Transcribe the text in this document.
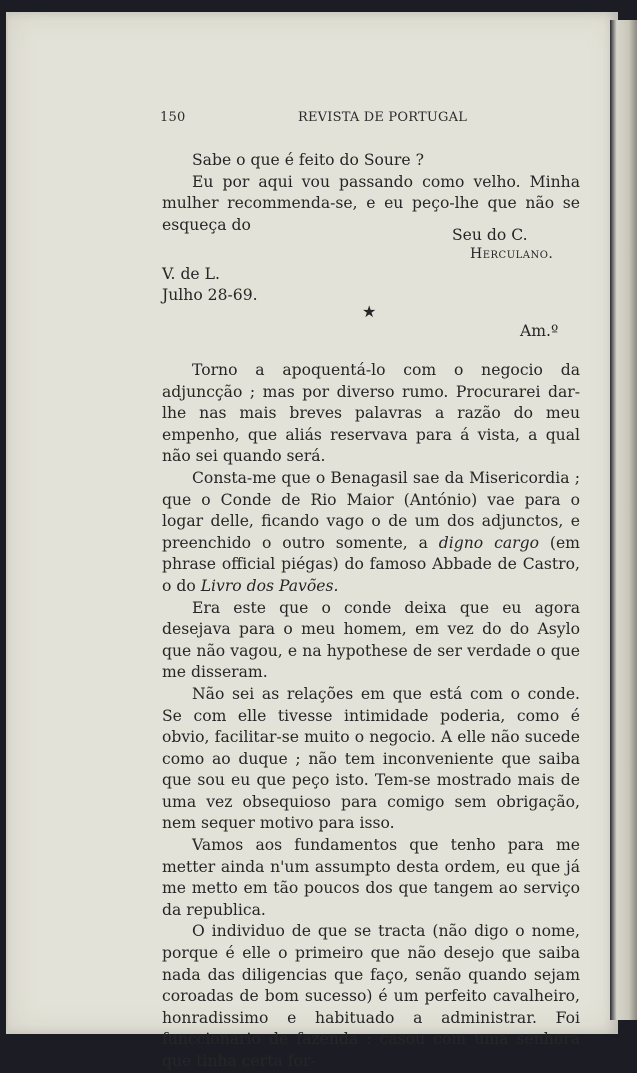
150	REVISTA DE PORTUGAL

Sabe o que é feito do Soure ?

Eu por aqui vou passando como velho. Minha mulher recommenda-se, e eu peço-lhe que não se esqueça do

Seu do C.
Herculano.
V. de L.
Julho 28-69.
★
Am.º

Torno a apoquentá-lo com o negocio da adjuncção ; mas por diverso rumo. Procurarei dar-lhe nas mais breves palavras a razão do meu empenho, que aliás reservava para á vista, a qual não sei quando será.

Consta-me que o Benagasil sae da Misericordia ; que o Conde de Rio Maior (António) vae para o logar delle, ficando vago o de um dos adjunctos, e preenchido o outro somente, a digno cargo (em phrase official piégas) do famoso Abbade de Castro, o do Livro dos Pavões.

Era este que o conde deixa que eu agora desejava para o meu homem, em vez do do Asylo que não vagou, e na hypothese de ser verdade o que me disseram.

Não sei as relações em que está com o conde. Se com elle tivesse intimidade poderia, como é obvio, facilitar-se muito o negocio. A elle não sucede como ao duque ; não tem inconveniente que saiba que sou eu que peço isto. Tem-se mostrado mais de uma vez obsequioso para comigo sem obrigação, nem sequer motivo para isso.

Vamos aos fundamentos que tenho para me metter ainda n'um assumpto desta ordem, eu que já me metto em tão poucos dos que tangem ao serviço da republica.

O individuo de que se tracta (não digo o nome, porque é elle o primeiro que não desejo que saiba nada das diligencias que faço, senão quando sejam coroadas de bom sucesso) é um perfeito cavalheiro, honradissimo e habituado a administrar. Foi funccionario de fazenda : casou com uma senhora que tinha certa for-
